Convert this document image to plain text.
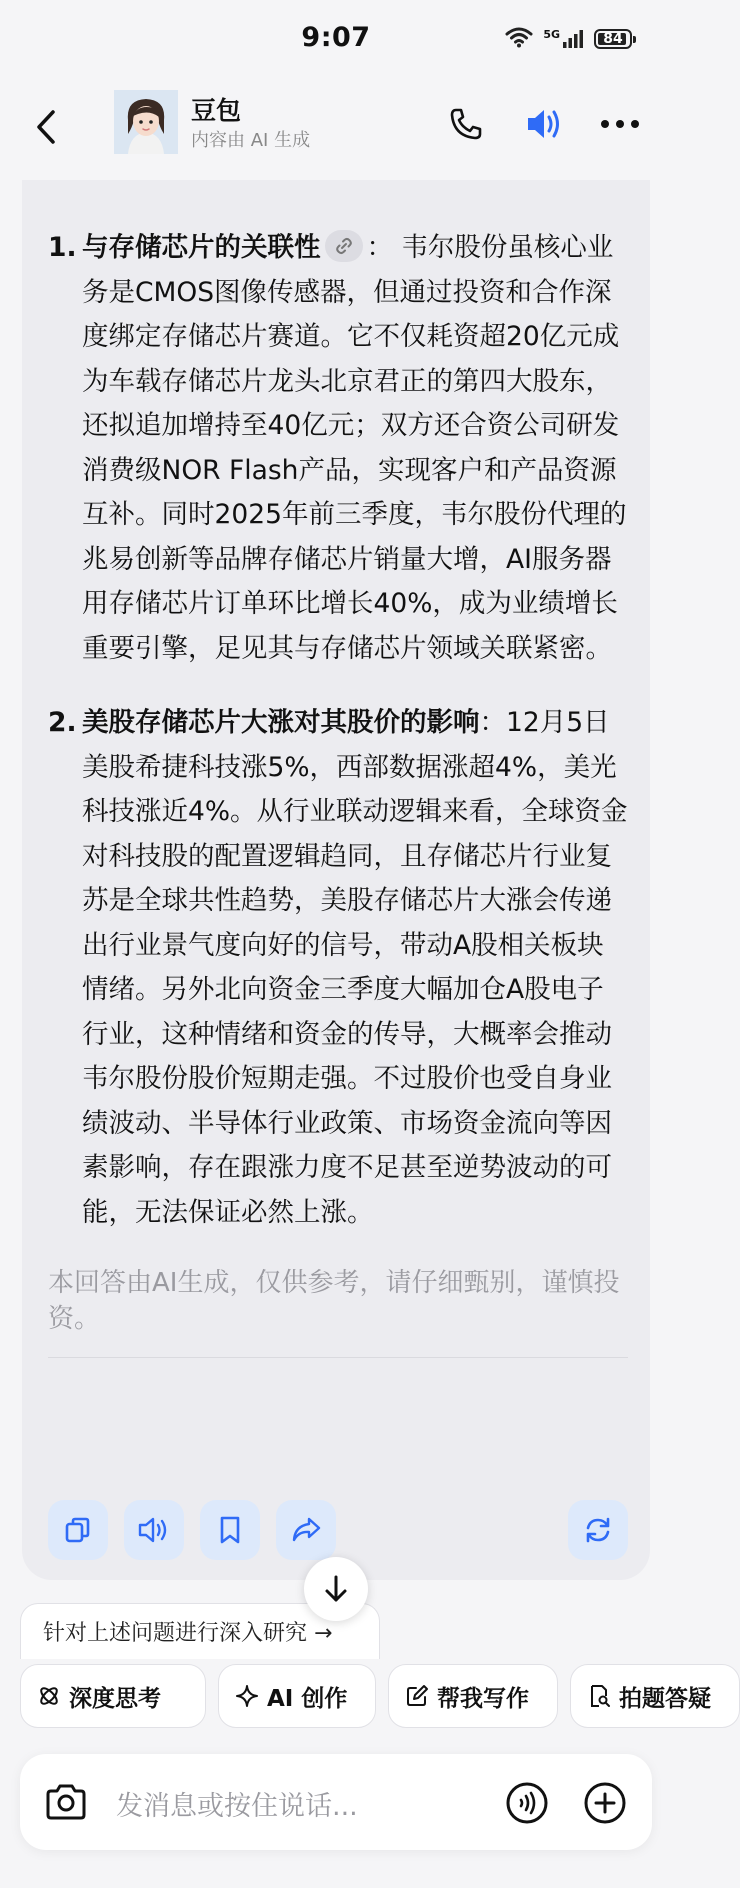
9:07	5G	84
豆包
内容由 AI 生成
1. 与存储芯片的关联性 ： 韦尔股份虽核心业务是CMOS图像传感器，但通过投资和合作深度绑定存储芯片赛道。它不仅耗资超20亿元成为车载存储芯片龙头北京君正的第四大股东，还拟追加增持至40亿元；双方还合资公司研发消费级NOR Flash产品，实现客户和产品资源互补。同时2025年前三季度，韦尔股份代理的兆易创新等品牌存储芯片销量大增，AI服务器用存储芯片订单环比增长40%，成为业绩增长重要引擎，足见其与存储芯片领域关联紧密。
2. 美股存储芯片大涨对其股价的影响：12月5日美股希捷科技涨5%，西部数据涨超4%，美光科技涨近4%。从行业联动逻辑来看，全球资金对科技股的配置逻辑趋同，且存储芯片行业复苏是全球共性趋势，美股存储芯片大涨会传递出行业景气度向好的信号，带动A股相关板块情绪。另外北向资金三季度大幅加仓A股电子行业，这种情绪和资金的传导，大概率会推动韦尔股份股价短期走强。不过股价也受自身业绩波动、半导体行业政策、市场资金流向等因素影响，存在跟涨力度不足甚至逆势波动的可能，无法保证必然上涨。
本回答由AI生成，仅供参考，请仔细甄别，谨慎投资。
针对上述问题进行深入研究 →
深度思考	AI 创作	帮我写作	拍题答疑
发消息或按住说话...
